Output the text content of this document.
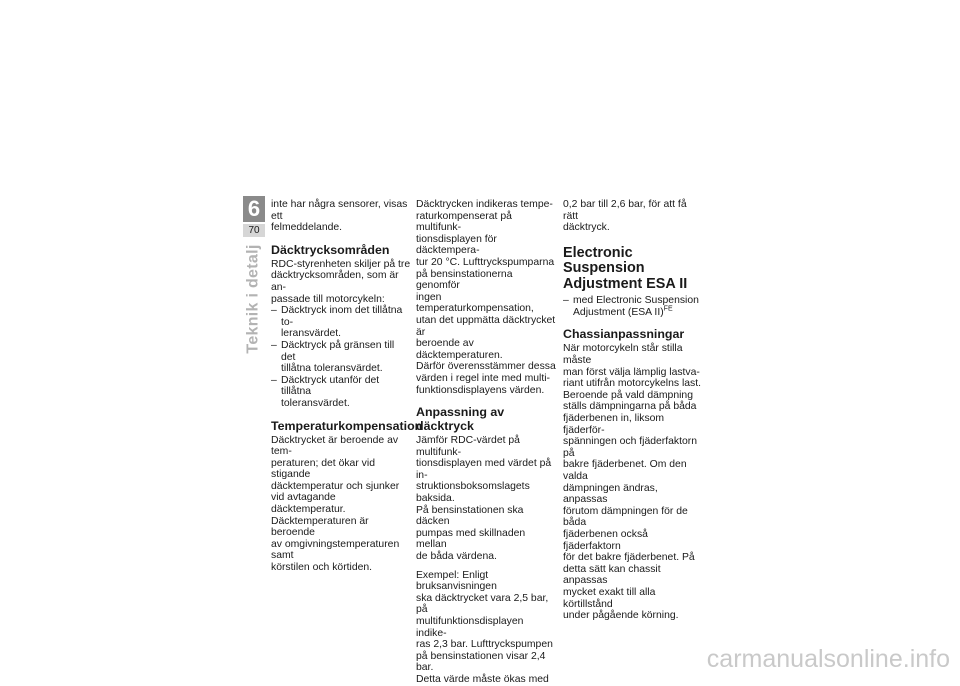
6
70
Teknik i detalj

inte har några sensorer, visas ett
felmeddelande.

Däcktrycksområden

RDC-styrenheten skiljer på tre
däcktrycksområden, som är an-
passade till motorcykeln:

– Däcktryck inom det tillåtna to-
leransvärdet.
– Däcktryck på gränsen till det
tillåtna toleransvärdet.
– Däcktryck utanför det tillåtna
toleransvärdet.
Temperaturkompensation

Däcktrycket är beroende av tem-
peraturen; det ökar vid stigande
däcktemperatur och sjunker
vid avtagande däcktemperatur.
Däcktemperaturen är beroende
av omgivningstemperaturen samt
körstilen och körtiden.

Däcktrycken indikeras tempe-
raturkompenserat på multifunk-
tionsdisplayen för däcktempera-
tur 20 °C. Lufttryckspumparna
på bensinstationerna genomför
ingen temperaturkompensation,
utan det uppmätta däcktrycket är
beroende av däcktemperaturen.
Därför överensstämmer dessa
värden i regel inte med multi-
funktionsdisplayens värden.

Anpassning av däcktryck

Jämför RDC-värdet på multifunk-
tionsdisplayen med värdet på in-
struktionsboksomslagets baksida.
På bensinstationen ska däcken
pumpas med skillnaden mellan
de båda värdena.

Exempel: Enligt bruksanvisningen
ska däcktrycket vara 2,5 bar, på
multifunktionsdisplayen indike-
ras 2,3 bar. Lufttryckspumpen
på bensinstationen visar 2,4 bar.
Detta värde måste ökas med

0,2 bar till 2,6 bar, för att få rätt
däcktryck.

Electronic Suspension
Adjustment ESA II
– med Electronic Suspension
Adjustment (ESA II)$^{FE}$
Chassianpassningar

När motorcykeln står stilla måste
man först välja lämplig lastva-
riant utifrån motorcykelns last.
Beroende på vald dämpning
ställs dämpningarna på båda
fjäderbenen in, liksom fjäderför-
spänningen och fjäderfaktorn på
bakre fjäderbenet. Om den valda
dämpningen ändras, anpassas
förutom dämpningen för de båda
fjäderbenen också fjäderfaktorn
för det bakre fjäderbenet. På
detta sätt kan chassit anpassas
mycket exakt till alla körtillstånd
under pågående körning.

carmanualsonline.info
